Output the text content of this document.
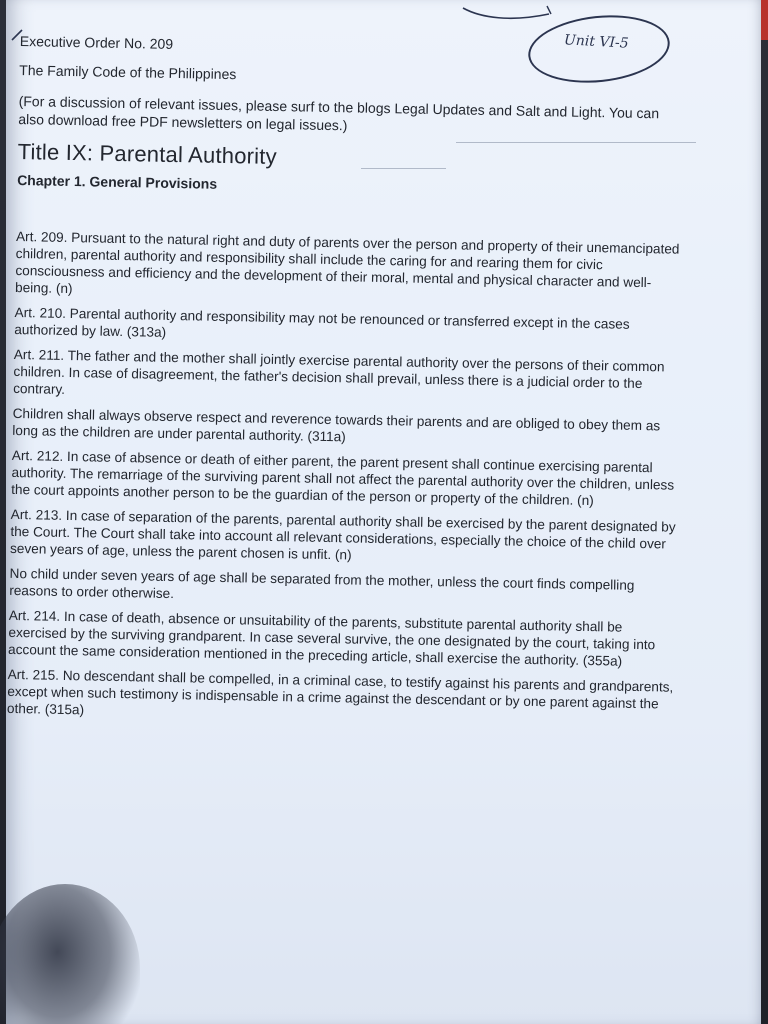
Unit VI-5

Executive Order No. 209

The Family Code of the Philippines

(For a discussion of relevant issues, please surf to the blogs Legal Updates and Salt and Light. You can also download free PDF newsletters on legal issues.)

Title IX: Parental Authority

Chapter 1. General Provisions

Art. 209. Pursuant to the natural right and duty of parents over the person and property of their unemancipated children, parental authority and responsibility shall include the caring for and rearing them for civic consciousness and efficiency and the development of their moral, mental and physical character and well-being. (n)

Art. 210. Parental authority and responsibility may not be renounced or transferred except in the cases authorized by law. (313a)

Art. 211. The father and the mother shall jointly exercise parental authority over the persons of their common children. In case of disagreement, the father's decision shall prevail, unless there is a judicial order to the contrary.

Children shall always observe respect and reverence towards their parents and are obliged to obey them as long as the children are under parental authority. (311a)

Art. 212. In case of absence or death of either parent, the parent present shall continue exercising parental authority. The remarriage of the surviving parent shall not affect the parental authority over the children, unless the court appoints another person to be the guardian of the person or property of the children. (n)

Art. 213. In case of separation of the parents, parental authority shall be exercised by the parent designated by the Court. The Court shall take into account all relevant considerations, especially the choice of the child over seven years of age, unless the parent chosen is unfit. (n)

No child under seven years of age shall be separated from the mother, unless the court finds compelling reasons to order otherwise.

Art. 214. In case of death, absence or unsuitability of the parents, substitute parental authority shall be exercised by the surviving grandparent. In case several survive, the one designated by the court, taking into account the same consideration mentioned in the preceding article, shall exercise the authority. (355a)

Art. 215. No descendant shall be compelled, in a criminal case, to testify against his parents and grandparents, except when such testimony is indispensable in a crime against the descendant or by one parent against the other. (315a)
